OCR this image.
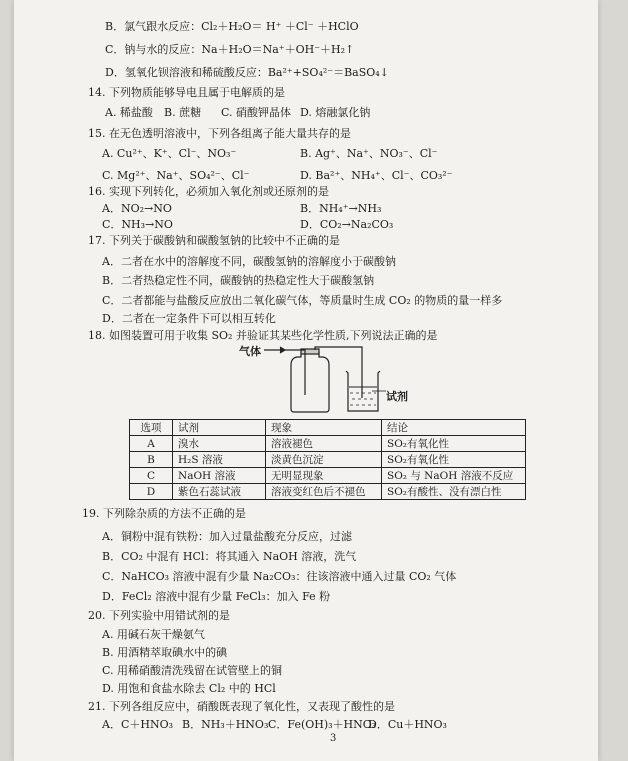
B．氯气跟水反应：Cl₂＋H₂O＝ H⁺ ＋Cl⁻ ＋HClO
C．钠与水的反应：Na＋H₂O＝Na⁺＋OH⁻＋H₂↑
D．氢氧化钡溶液和稀硫酸反应：Ba²⁺+SO₄²⁻＝BaSO₄↓
14. 下列物质能够导电且属于电解质的是
A. 稀盐酸 B. 蔗糖 C. 硝酸钾晶体 D. 熔融氯化钠
15. 在无色透明溶液中，下列各组离子能大量共存的是
A. Cu²⁺、K⁺、Cl⁻、NO₃⁻	B. Ag⁺、Na⁺、NO₃⁻、Cl⁻
C. Mg²⁺、Na⁺、SO₄²⁻、Cl⁻	D. Ba²⁺、NH₄⁺、Cl⁻、CO₃²⁻
16. 实现下列转化，必须加入氧化剂或还原剂的是
A．NO₂→NO	B．NH₄⁺→NH₃
C．NH₃→NO	D．CO₂→Na₂CO₃
17. 下列关于碳酸钠和碳酸氢钠的比较中不正确的是
A．二者在水中的溶解度不同，碳酸氢钠的溶解度小于碳酸钠
B．二者热稳定性不同，碳酸钠的热稳定性大于碳酸氢钠
C．二者都能与盐酸反应放出二氧化碳气体，等质量时生成 CO₂ 的物质的量一样多
D．二者在一定条件下可以相互转化
18. 如图装置可用于收集 SO₂ 并验证其某些化学性质,下列说法正确的是
气体
试剂
选项	试剂	现象	结论
A	溴水	溶液褪色	SO₂有氧化性
B	H₂S 溶液	淡黄色沉淀	SO₂有氧化性
C	NaOH 溶液	无明显现象	SO₂ 与 NaOH 溶液不反应
D	紫色石蕊试液	溶液变红色后不褪色	SO₂有酸性、没有漂白性
19. 下列除杂质的方法不正确的是
A．铜粉中混有铁粉：加入过量盐酸充分反应，过滤
B．CO₂ 中混有 HCl：将其通入 NaOH 溶液，洗气
C．NaHCO₃ 溶液中混有少量 Na₂CO₃：往该溶液中通入过量 CO₂ 气体
D．FeCl₂ 溶液中混有少量 FeCl₃：加入 Fe 粉
20. 下列实验中用错试剂的是
A. 用碱石灰干燥氨气
B. 用酒精萃取碘水中的碘
C. 用稀硝酸清洗残留在试管壁上的铜
D. 用饱和食盐水除去 Cl₂ 中的 HCl
21. 下列各组反应中，硝酸既表现了氧化性，又表现了酸性的是
A．C＋HNO₃ B．NH₃＋HNO₃ C．Fe(OH)₃＋HNO₃
D．Cu＋HNO₃
3
